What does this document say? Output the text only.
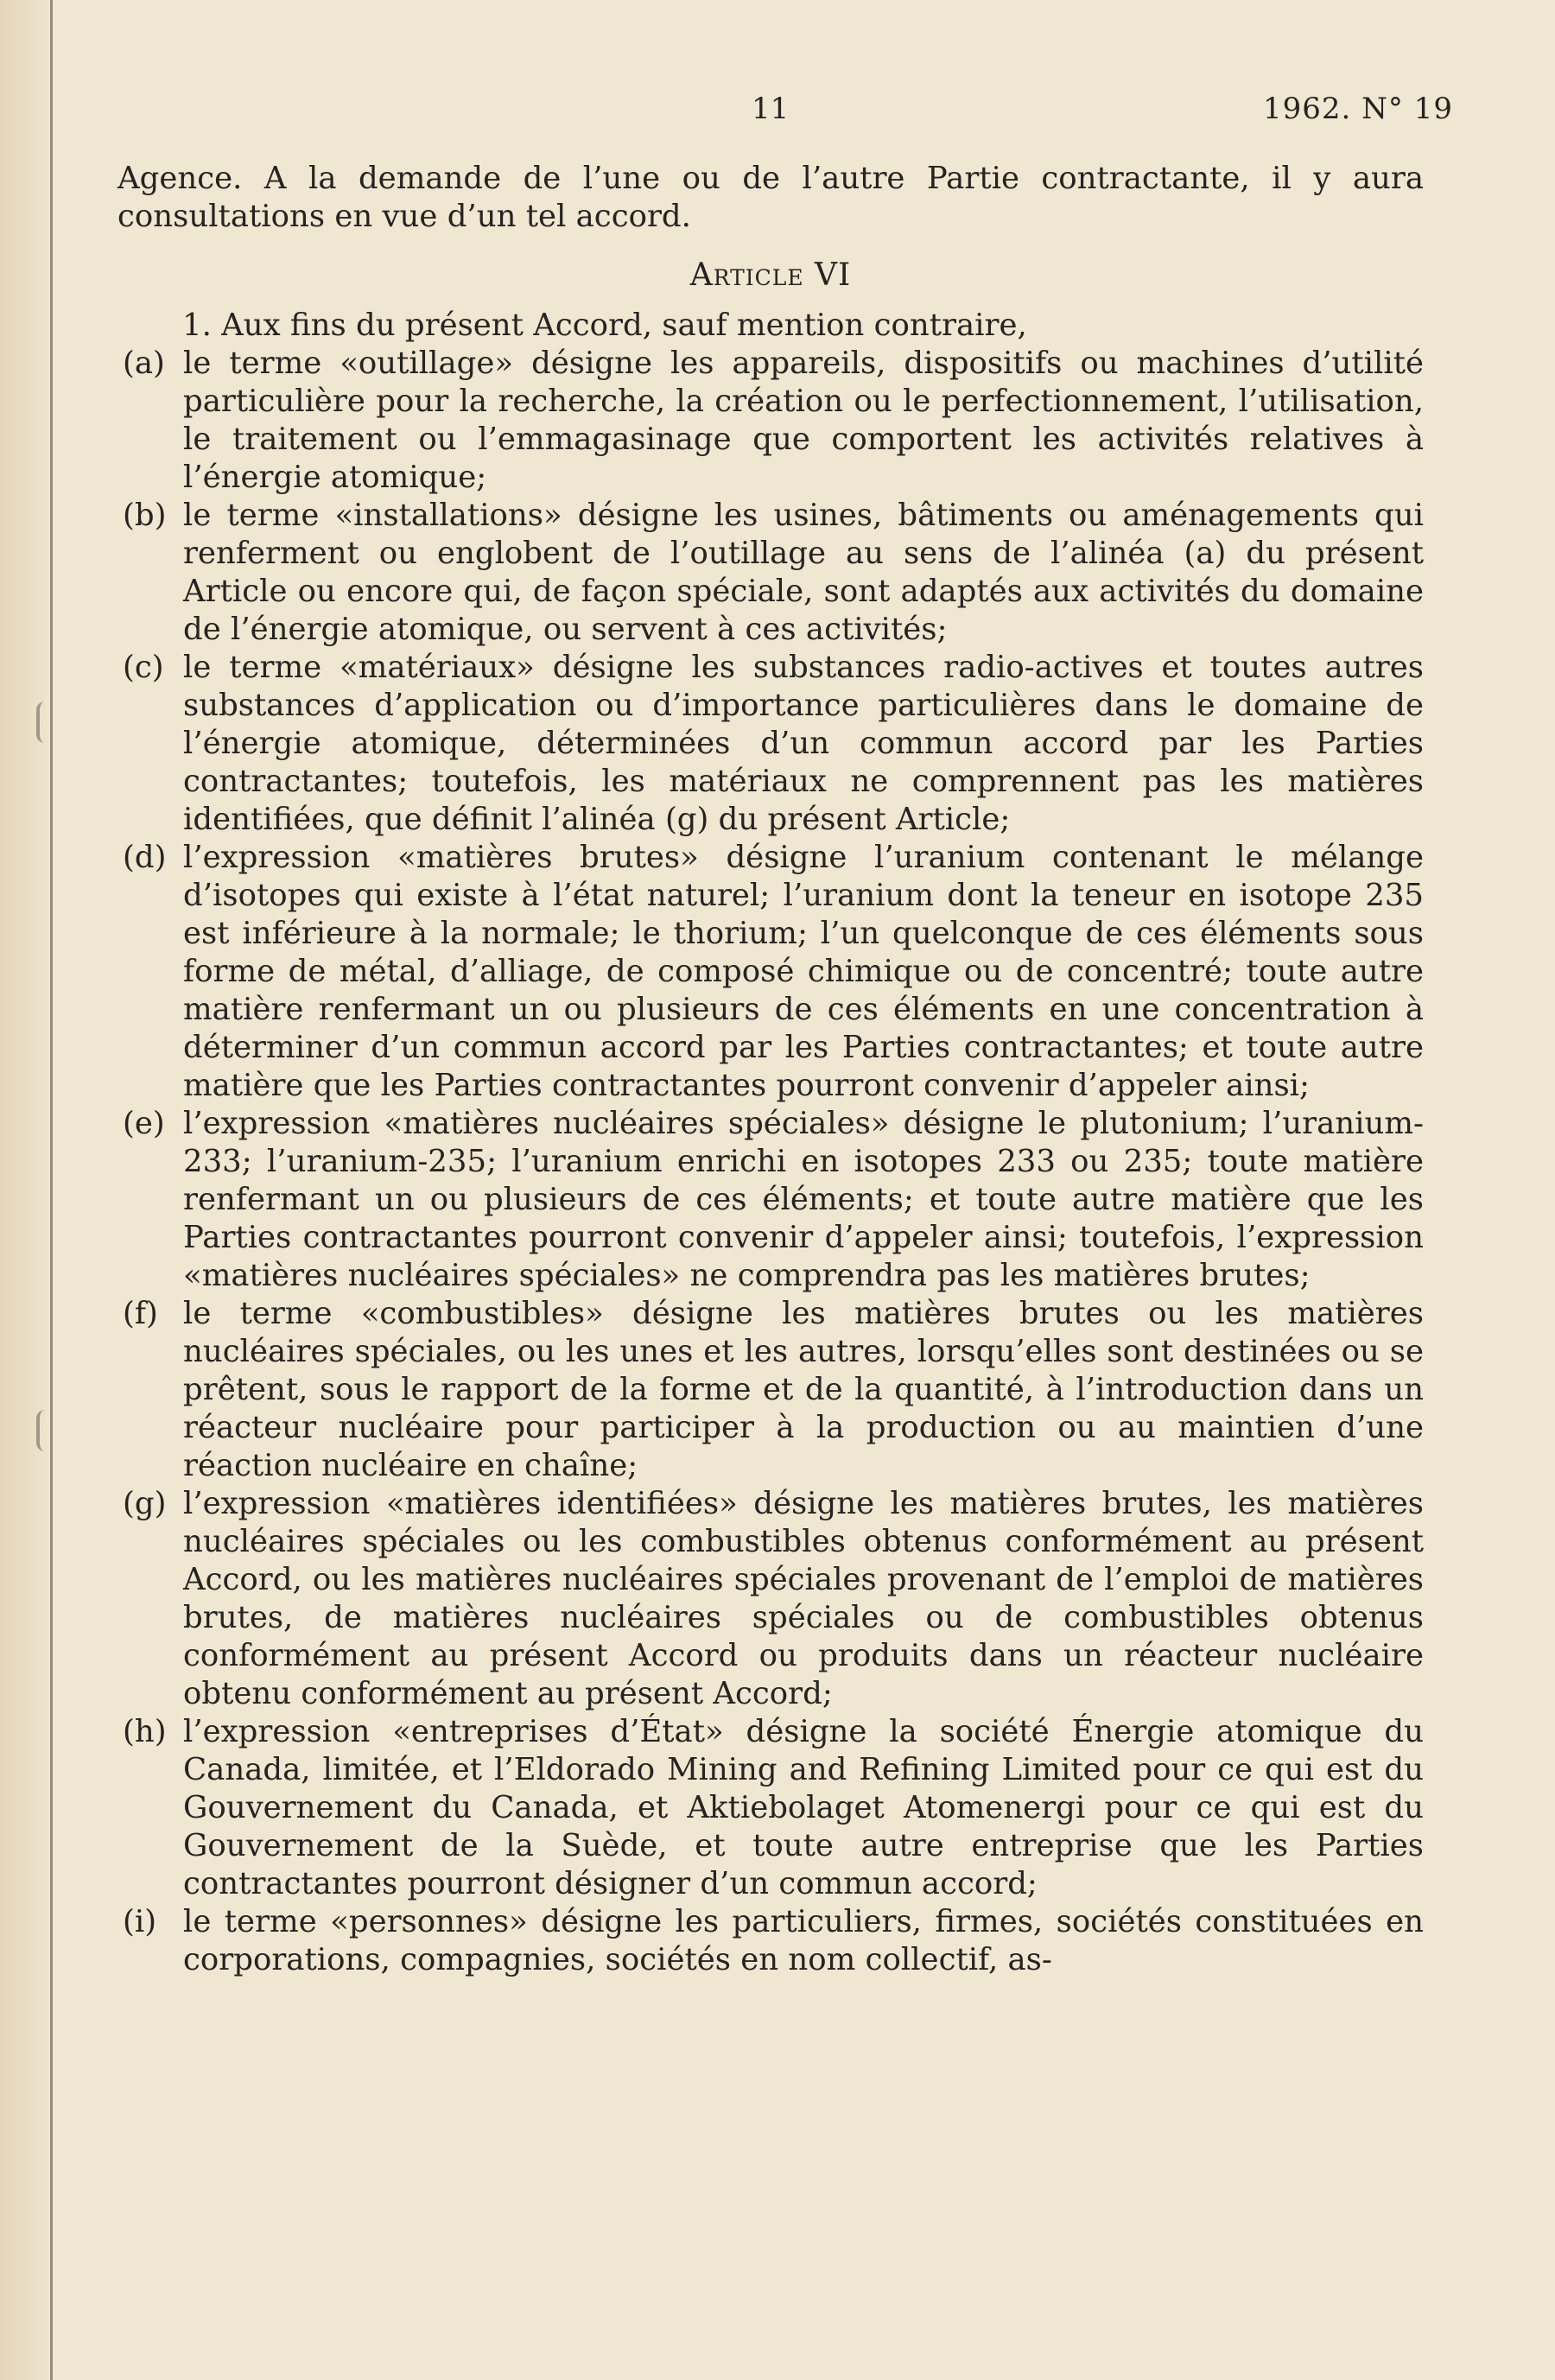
11	1962. N° 19

Agence. A la demande de l’une ou de l’autre Partie contractante, il y aura consultations en vue d’un tel accord.

Article VI

1. Aux fins du présent Accord, sauf mention contraire,

(a) le terme «outillage» désigne les appareils, dispositifs ou machines d’utilité particulière pour la recherche, la création ou le perfectionnement, l’utilisation, le traitement ou l’emmagasinage que comportent les activités relatives à l’énergie atomique;
(b) le terme «installations» désigne les usines, bâtiments ou aménagements qui renferment ou englobent de l’outillage au sens de l’alinéa (a) du présent Article ou encore qui, de façon spéciale, sont adaptés aux activités du domaine de l’énergie atomique, ou servent à ces activités;
(c) le terme «matériaux» désigne les substances radio-actives et toutes autres substances d’application ou d’importance particulières dans le domaine de l’énergie atomique, déterminées d’un commun accord par les Parties contractantes; toutefois, les matériaux ne comprennent pas les matières identifiées, que définit l’alinéa (g) du présent Article;
(d) l’expression «matières brutes» désigne l’uranium contenant le mélange d’isotopes qui existe à l’état naturel; l’uranium dont la teneur en isotope 235 est inférieure à la normale; le thorium; l’un quelconque de ces éléments sous forme de métal, d’alliage, de composé chimique ou de concentré; toute autre matière renfermant un ou plusieurs de ces éléments en une concentration à déterminer d’un commun accord par les Parties contractantes; et toute autre matière que les Parties contractantes pourront convenir d’appeler ainsi;
(e) l’expression «matières nucléaires spéciales» désigne le plutonium; l’uranium-233; l’uranium-235; l’uranium enrichi en isotopes 233 ou 235; toute matière renfermant un ou plusieurs de ces éléments; et toute autre matière que les Parties contractantes pourront convenir d’appeler ainsi; toutefois, l’expression «matières nucléaires spéciales» ne comprendra pas les matières brutes;
(f) le terme «combustibles» désigne les matières brutes ou les matières nucléaires spéciales, ou les unes et les autres, lorsqu’elles sont destinées ou se prêtent, sous le rapport de la forme et de la quantité, à l’introduction dans un réacteur nucléaire pour participer à la production ou au maintien d’une réaction nucléaire en chaîne;
(g) l’expression «matières identifiées» désigne les matières brutes, les matières nucléaires spéciales ou les combustibles obtenus conformément au présent Accord, ou les matières nucléaires spéciales provenant de l’emploi de matières brutes, de matières nucléaires spéciales ou de combustibles obtenus conformément au présent Accord ou produits dans un réacteur nucléaire obtenu conformément au présent Accord;
(h) l’expression «entreprises d’État» désigne la société Énergie atomique du Canada, limitée, et l’Eldorado Mining and Refining Limited pour ce qui est du Gouvernement du Canada, et Aktiebolaget Atomenergi pour ce qui est du Gouvernement de la Suède, et toute autre entreprise que les Parties contractantes pourront désigner d’un commun accord;
(i) le terme «personnes» désigne les particuliers, firmes, sociétés constituées en corporations, compagnies, sociétés en nom collectif, as-
